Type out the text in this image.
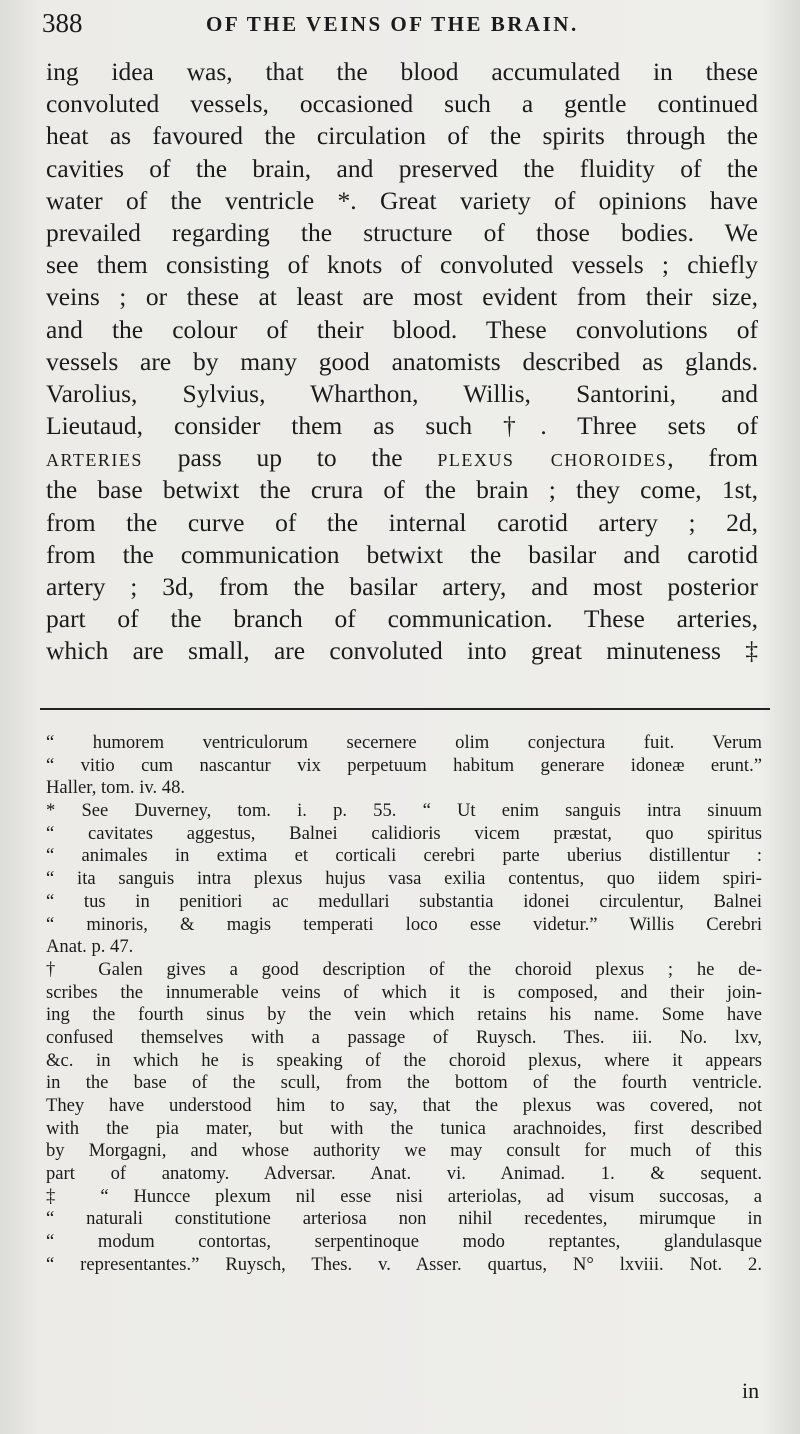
388	OF THE VEINS OF THE BRAIN.
ing idea was, that the blood accumulated in these
convoluted vessels, occasioned such a gentle continued
heat as favoured the circulation of the spirits through the
cavities of the brain, and preserved the fluidity of the
water of the ventricle *. Great variety of opinions have
prevailed regarding the structure of those bodies. We
see them consisting of knots of convoluted vessels ; chiefly
veins ; or these at least are most evident from their size,
and the colour of their blood. These convolutions of
vessels are by many good anatomists described as glands.
Varolius, Sylvius, Wharthon, Willis, Santorini, and
Lieutaud, consider them as such †. Three sets of
arteries pass up to the plexus choroides, from
the base betwixt the crura of the brain ; they come, 1st,
from the curve of the internal carotid artery ; 2d,
from the communication betwixt the basilar and carotid
artery ; 3d, from the basilar artery, and most posterior
part of the branch of communication. These arteries,
which are small, are convoluted into great minuteness ‡
“ humorem ventriculorum secernere olim conjectura fuit. Verum
“ vitio cum nascantur vix perpetuum habitum generare idoneæ erunt.”
Haller, tom. iv. 48.
* See Duverney, tom. i. p. 55. “ Ut enim sanguis intra sinuum
“ cavitates aggestus, Balnei calidioris vicem præstat, quo spiritus
“ animales in extima et corticali cerebri parte uberius distillentur :
“ ita sanguis intra plexus hujus vasa exilia contentus, quo iidem spiri-
“ tus in penitiori ac medullari substantia idonei circulentur, Balnei
“ minoris, & magis temperati loco esse videtur.” Willis Cerebri
Anat. p. 47.
† Galen gives a good description of the choroid plexus ; he de-
scribes the innumerable veins of which it is composed, and their join-
ing the fourth sinus by the vein which retains his name. Some have
confused themselves with a passage of Ruysch. Thes. iii. No. lxv,
&c. in which he is speaking of the choroid plexus, where it appears
in the base of the scull, from the bottom of the fourth ventricle.
They have understood him to say, that the plexus was covered, not
with the pia mater, but with the tunica arachnoides, first described
by Morgagni, and whose authority we may consult for much of this
part of anatomy. Adversar. Anat. vi. Animad. 1. & sequent.
‡ “ Huncce plexum nil esse nisi arteriolas, ad visum succosas, a
“ naturali constitutione arteriosa non nihil recedentes, mirumque in
“ modum contortas, serpentinoque modo reptantes, glandulasque
“ representantes.” Ruysch, Thes. v. Asser. quartus, N° lxviii. Not. 2.
in
